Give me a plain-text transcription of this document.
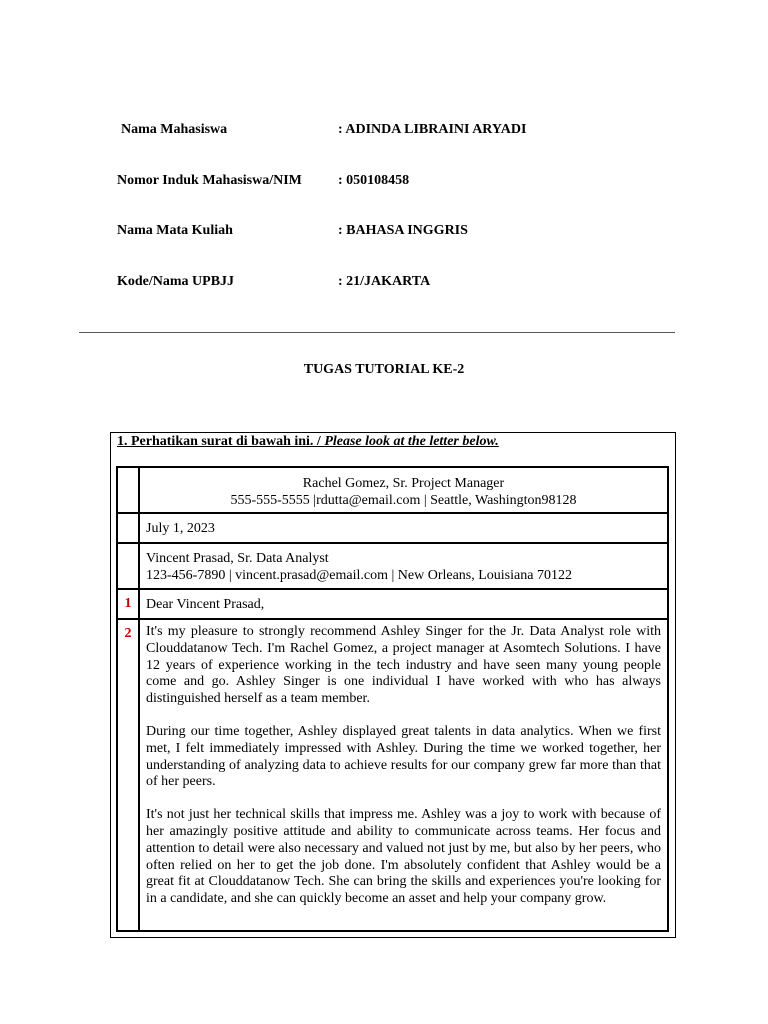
Nama Mahasiswa	: ADINDA LIBRAINI ARYADI
Nomor Induk Mahasiswa/NIM	: 050108458
Nama Mata Kuliah	: BAHASA INGGRIS
Kode/Nama UPBJJ	: 21/JAKARTA
TUGAS TUTORIAL KE-2
1. Perhatikan surat di bawah ini. / Please look at the letter below.

	Rachel Gomez, Sr. Project Manager
555-555-5555 |rdutta@email.com | Seattle, Washington98128

	July 1, 2023

	Vincent Prasad, Sr. Data Analyst
123-456-7890 | vincent.prasad@email.com | New Orleans, Louisiana 70122

1	Dear Vincent Prasad,

2	It's my pleasure to strongly recommend Ashley Singer for the Jr. Data Analyst role with Clouddatanow Tech. I'm Rachel Gomez, a project manager at Asomtech Solutions. I have 12 years of experience working in the tech industry and have seen many young people come and go. Ashley Singer is one individual I have worked with who has always distinguished herself as a team member.

During our time together, Ashley displayed great talents in data analytics. When we first met, I felt immediately impressed with Ashley. During the time we worked together, her understanding of analyzing data to achieve results for our company grew far more than that of her peers.

It's not just her technical skills that impress me. Ashley was a joy to work with because of her amazingly positive attitude and ability to communicate across teams. Her focus and attention to detail were also necessary and valued not just by me, but also by her peers, who often relied on her to get the job done. I'm absolutely confident that Ashley would be a great fit at Clouddatanow Tech. She can bring the skills and experiences you're looking for in a candidate, and she can quickly become an asset and help your company grow.
